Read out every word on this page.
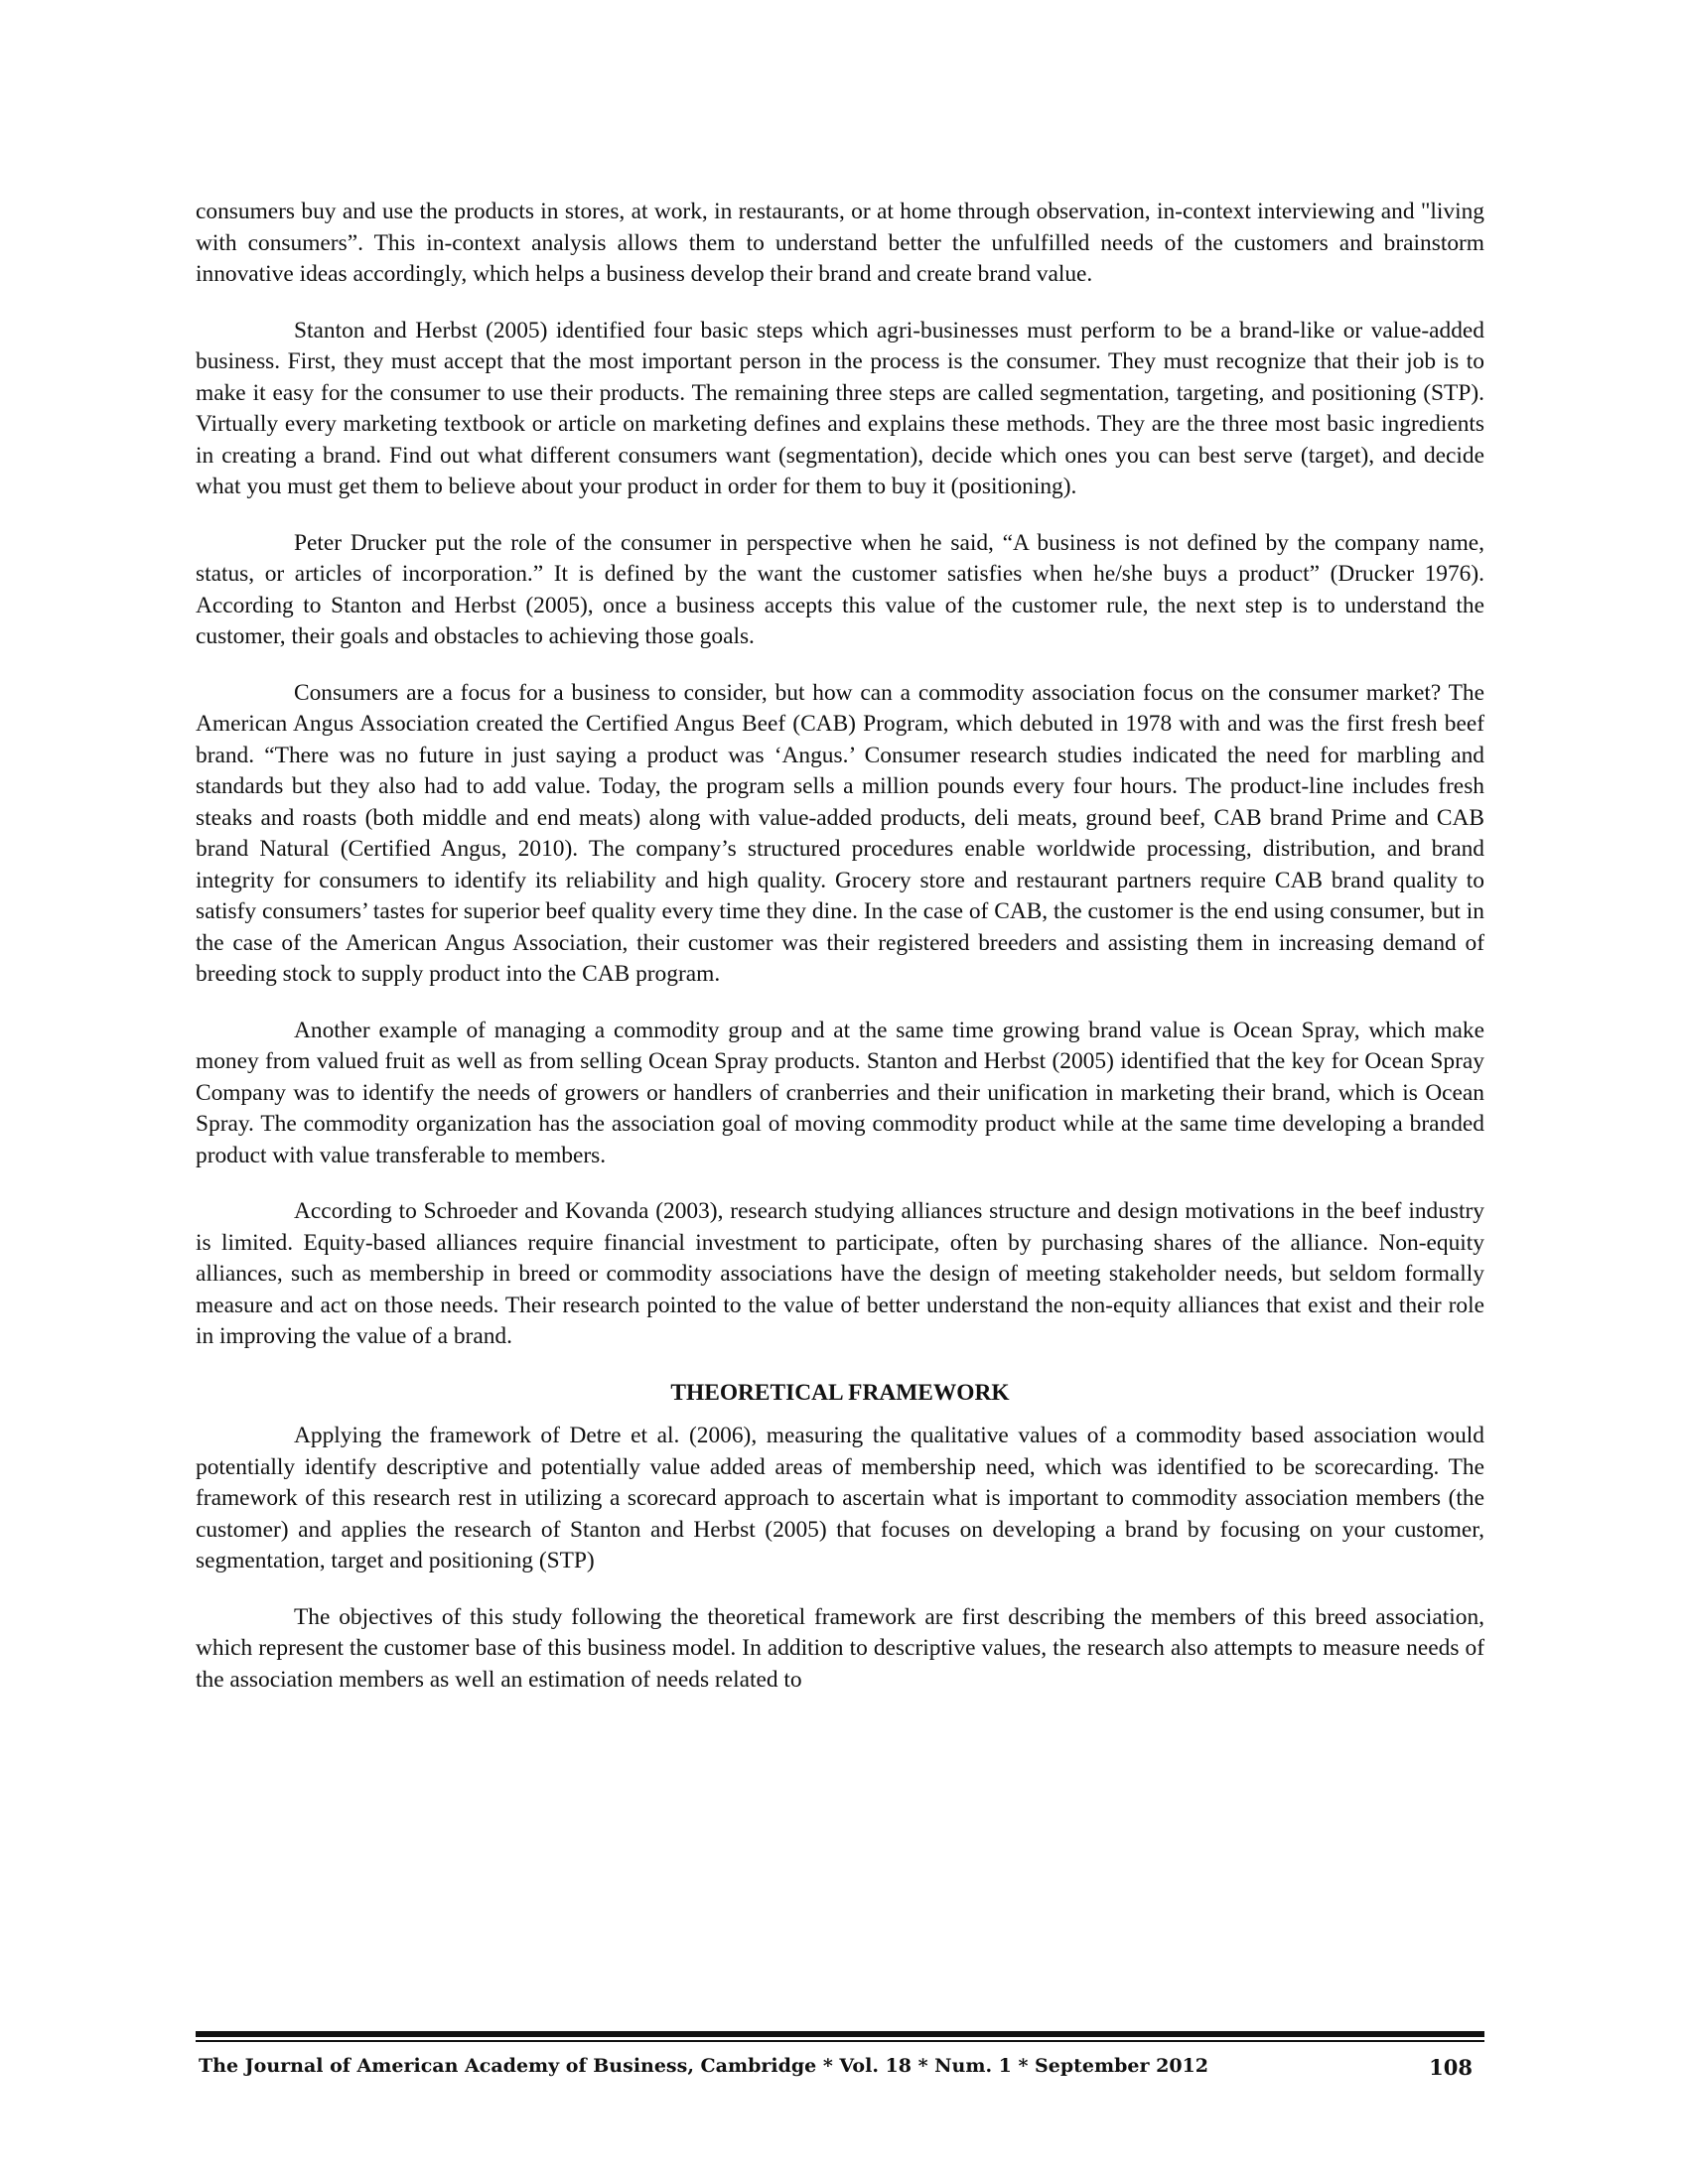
consumers buy and use the products in stores, at work, in restaurants, or at home through observation, in-context interviewing and "living with consumers”. This in-context analysis allows them to understand better the unfulfilled needs of the customers and brainstorm innovative ideas accordingly, which helps a business develop their brand and create brand value.

Stanton and Herbst (2005) identified four basic steps which agri-businesses must perform to be a brand-like or value-added business. First, they must accept that the most important person in the process is the consumer. They must recognize that their job is to make it easy for the consumer to use their products. The remaining three steps are called segmentation, targeting, and positioning (STP). Virtually every marketing textbook or article on marketing defines and explains these methods. They are the three most basic ingredients in creating a brand. Find out what different consumers want (segmentation), decide which ones you can best serve (target), and decide what you must get them to believe about your product in order for them to buy it (positioning).

Peter Drucker put the role of the consumer in perspective when he said, “A business is not defined by the company name, status, or articles of incorporation.” It is defined by the want the customer satisfies when he/she buys a product” (Drucker 1976). According to Stanton and Herbst (2005), once a business accepts this value of the customer rule, the next step is to understand the customer, their goals and obstacles to achieving those goals.

Consumers are a focus for a business to consider, but how can a commodity association focus on the consumer market? The American Angus Association created the Certified Angus Beef (CAB) Program, which debuted in 1978 with and was the first fresh beef brand. “There was no future in just saying a product was ‘Angus.’ Consumer research studies indicated the need for marbling and standards but they also had to add value. Today, the program sells a million pounds every four hours. The product-line includes fresh steaks and roasts (both middle and end meats) along with value-added products, deli meats, ground beef, CAB brand Prime and CAB brand Natural (Certified Angus, 2010). The company’s structured procedures enable worldwide processing, distribution, and brand integrity for consumers to identify its reliability and high quality. Grocery store and restaurant partners require CAB brand quality to satisfy consumers’ tastes for superior beef quality every time they dine. In the case of CAB, the customer is the end using consumer, but in the case of the American Angus Association, their customer was their registered breeders and assisting them in increasing demand of breeding stock to supply product into the CAB program.

Another example of managing a commodity group and at the same time growing brand value is Ocean Spray, which make money from valued fruit as well as from selling Ocean Spray products. Stanton and Herbst (2005) identified that the key for Ocean Spray Company was to identify the needs of growers or handlers of cranberries and their unification in marketing their brand, which is Ocean Spray. The commodity organization has the association goal of moving commodity product while at the same time developing a branded product with value transferable to members.

According to Schroeder and Kovanda (2003), research studying alliances structure and design motivations in the beef industry is limited. Equity-based alliances require financial investment to participate, often by purchasing shares of the alliance. Non-equity alliances, such as membership in breed or commodity associations have the design of meeting stakeholder needs, but seldom formally measure and act on those needs. Their research pointed to the value of better understand the non-equity alliances that exist and their role in improving the value of a brand.

THEORETICAL FRAMEWORK

Applying the framework of Detre et al. (2006), measuring the qualitative values of a commodity based association would potentially identify descriptive and potentially value added areas of membership need, which was identified to be scorecarding. The framework of this research rest in utilizing a scorecard approach to ascertain what is important to commodity association members (the customer) and applies the research of Stanton and Herbst (2005) that focuses on developing a brand by focusing on your customer, segmentation, target and positioning (STP)

The objectives of this study following the theoretical framework are first describing the members of this breed association, which represent the customer base of this business model. In addition to descriptive values, the research also attempts to measure needs of the association members as well an estimation of needs related to

The Journal of American Academy of Business, Cambridge * Vol. 18 * Num. 1 * September 2012	108
